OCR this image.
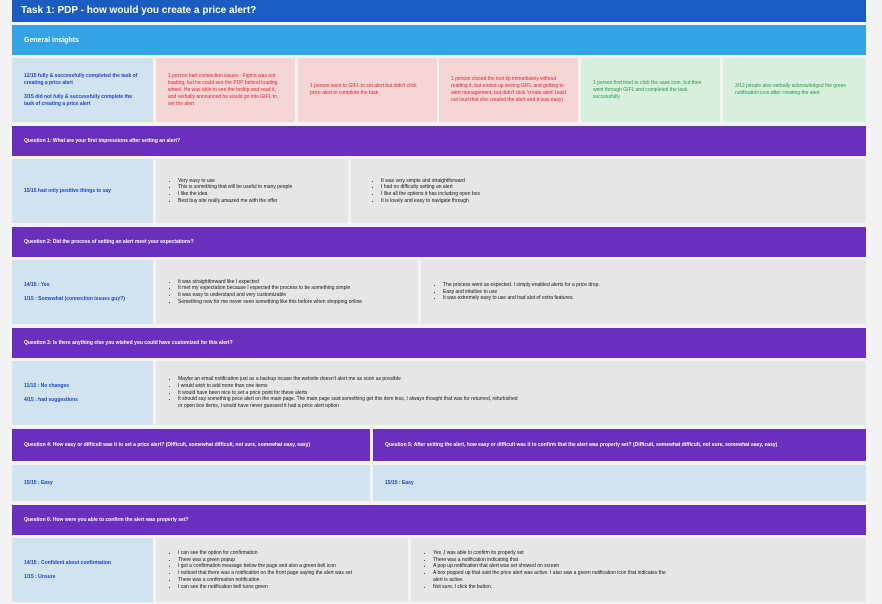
Task 1: PDP - how would you create a price alert?
General insights
12/15 fully & successfully completed the task of creating a price alert
3/15 did not fully & successfully complete the task of creating a price alert
1 person had connection issues - Figma was not loading, but he could see the PDP behind loading wheel. He was able to see the tooltip and read it, and verbally announced he would go into GIFL to set the alert
1 person went to GIFL to set alert but didn't click price alert to complete the task
1 person closed the tool tip immediately without reading it, but ended up seeing GIFL and getting to alert management, but didn't click 'create alert' (said out loud that she created the alert and it was easy)
1 person first tried to click the save icon, but then went through GIFL and completed the task successfully
3/12 people also verbally acknowledged the green notification icon after creating the alert
Question 1: What are your first impressions after setting an alert?
15/15 had only positive things to say
• Very easy to use
• This is something that will be useful to many people
• I like the idea
• Best buy site really amazed me with the offer
• It was very simple and straightforward
• I had no difficulty setting an alert
• I like all the options it has including open box
• It is lovely and easy to navigate through
Question 2: Did the process of setting an alert meet your expectations?
14/15 : Yes
1/15 : Somewhat (connection issues guy?)
• It was straightforward like I expected
• It met my expectation because I expected the process to be something simple
• It was easy to understand and very customizable
• Something new for me never seen something like this before when shopping online
• The process went as expected. I simply enabled alerts for a price drop.
• Easy and intuitive to use
• It was extremely easy to use and had alot of extra features.
Question 3: Is there anything else you wished you could have customized for this alert?
11/15 : No changes
4/15 : had suggestions
• Maybe an email notification just as a backup incase the website doesn't alert me as soon as possible
• I would wish to add more than one items
• It would have been nice to set a price point for these alerts
• It should say something price alert on the main page. The main page said something get this item less, I always thought that was for returned, refurbished or open box items, I would have never guessed it had a price alert option
Question 4: How easy or difficult was it to set a price alert? (Difficult, somewhat difficult, not sure, somewhat easy, easy)	Question 5: After setting the alert, how easy or difficult was it to confirm that the alert was properly set? (Difficult, somewhat difficult, not sure, somewhat easy, easy)
15/15 : Easy	15/15 : Easy
Question 6: How were you able to confirm the alert was properly set?
14/15 : Confident about confirmation
1/15 : Unsure
• I can see the option for confirmation
• There was a green popup
• I got a confirmation message below the page and also a green bell icon
• I noticed that there was a notification on the front page saying the alert was set
• There was a confirmation notification
• I can see the notification bell turns green
• Yes ,I was able to confirm its properly set
• There was a notification indicating that
• A pop up notification that alert was set showed on screen
• A box popped up that said the price alert was active. I also saw a green notification icon that indicates the alert is active.
• Not sure, I click the button.
